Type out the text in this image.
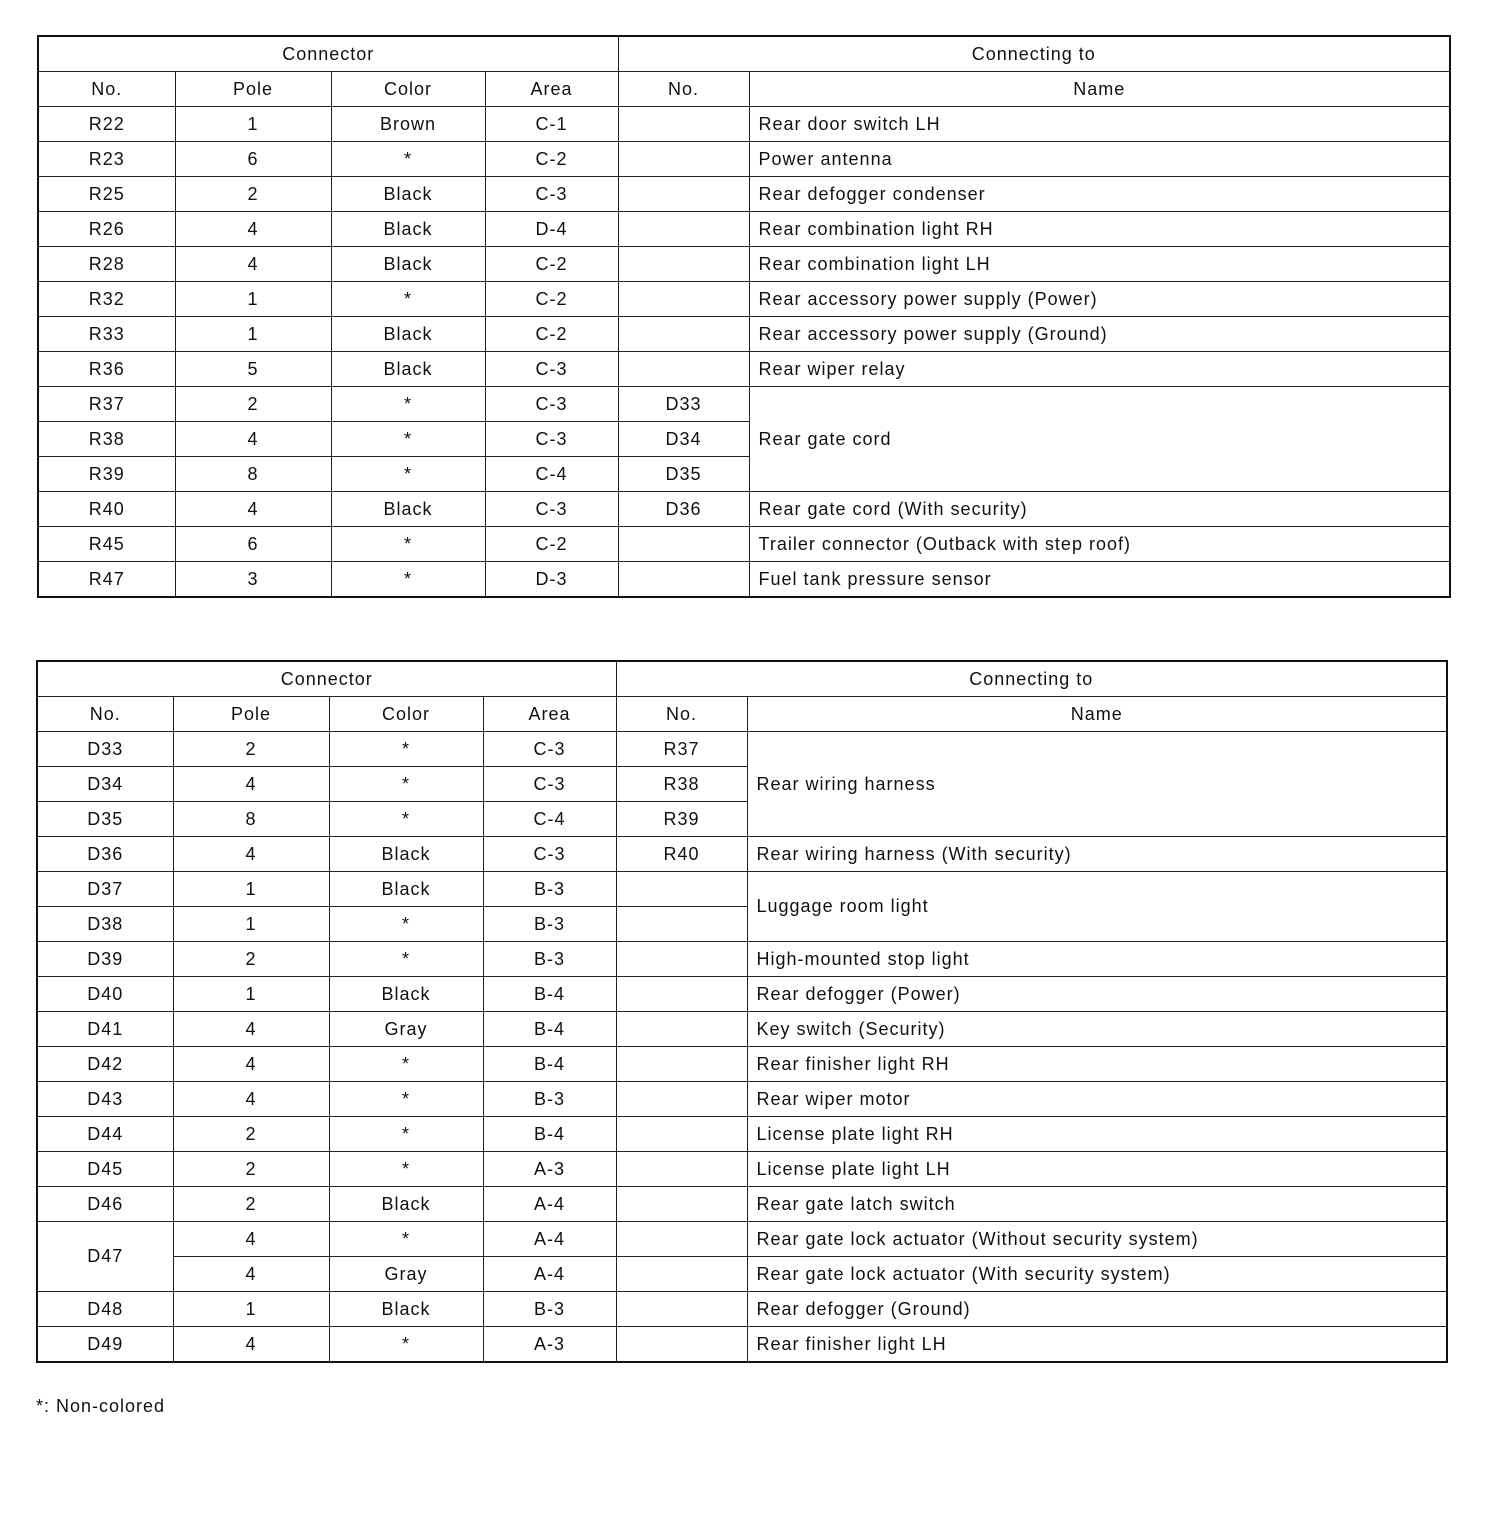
Connector				Connecting to	
No.	Pole	Color	Area	No.	Name
R22	1	Brown	C-1		Rear door switch LH
R23	6	*	C-2		Power antenna
R25	2	Black	C-3		Rear defogger condenser
R26	4	Black	D-4		Rear combination light RH
R28	4	Black	C-2		Rear combination light LH
R32	1	*	C-2		Rear accessory power supply (Power)
R33	1	Black	C-2		Rear accessory power supply (Ground)
R36	5	Black	C-3		Rear wiper relay
R37	2	*	C-3	D33	Rear gate cord
R38	4	*	C-3	D34	
R39	8	*	C-4	D35	
R40	4	Black	C-3	D36	Rear gate cord (With security)
R45	6	*	C-2		Trailer connector (Outback with step roof)
R47	3	*	D-3		Fuel tank pressure sensor
Connector				Connecting to	
No.	Pole	Color	Area	No.	Name
D33	2	*	C-3	R37	Rear wiring harness
D34	4	*	C-3	R38	
D35	8	*	C-4	R39	
D36	4	Black	C-3	R40	Rear wiring harness (With security)
D37	1	Black	B-3		Luggage room light
D38	1	*	B-3		
D39	2	*	B-3		High-mounted stop light
D40	1	Black	B-4		Rear defogger (Power)
D41	4	Gray	B-4		Key switch (Security)
D42	4	*	B-4		Rear finisher light RH
D43	4	*	B-3		Rear wiper motor
D44	2	*	B-4		License plate light RH
D45	2	*	A-3		License plate light LH
D46	2	Black	A-4		Rear gate latch switch
D47	4	*	A-4		Rear gate lock actuator (Without security system)
	4	Gray	A-4		Rear gate lock actuator (With security system)
D48	1	Black	B-3		Rear defogger (Ground)
D49	4	*	A-3		Rear finisher light LH
*: Non-colored
